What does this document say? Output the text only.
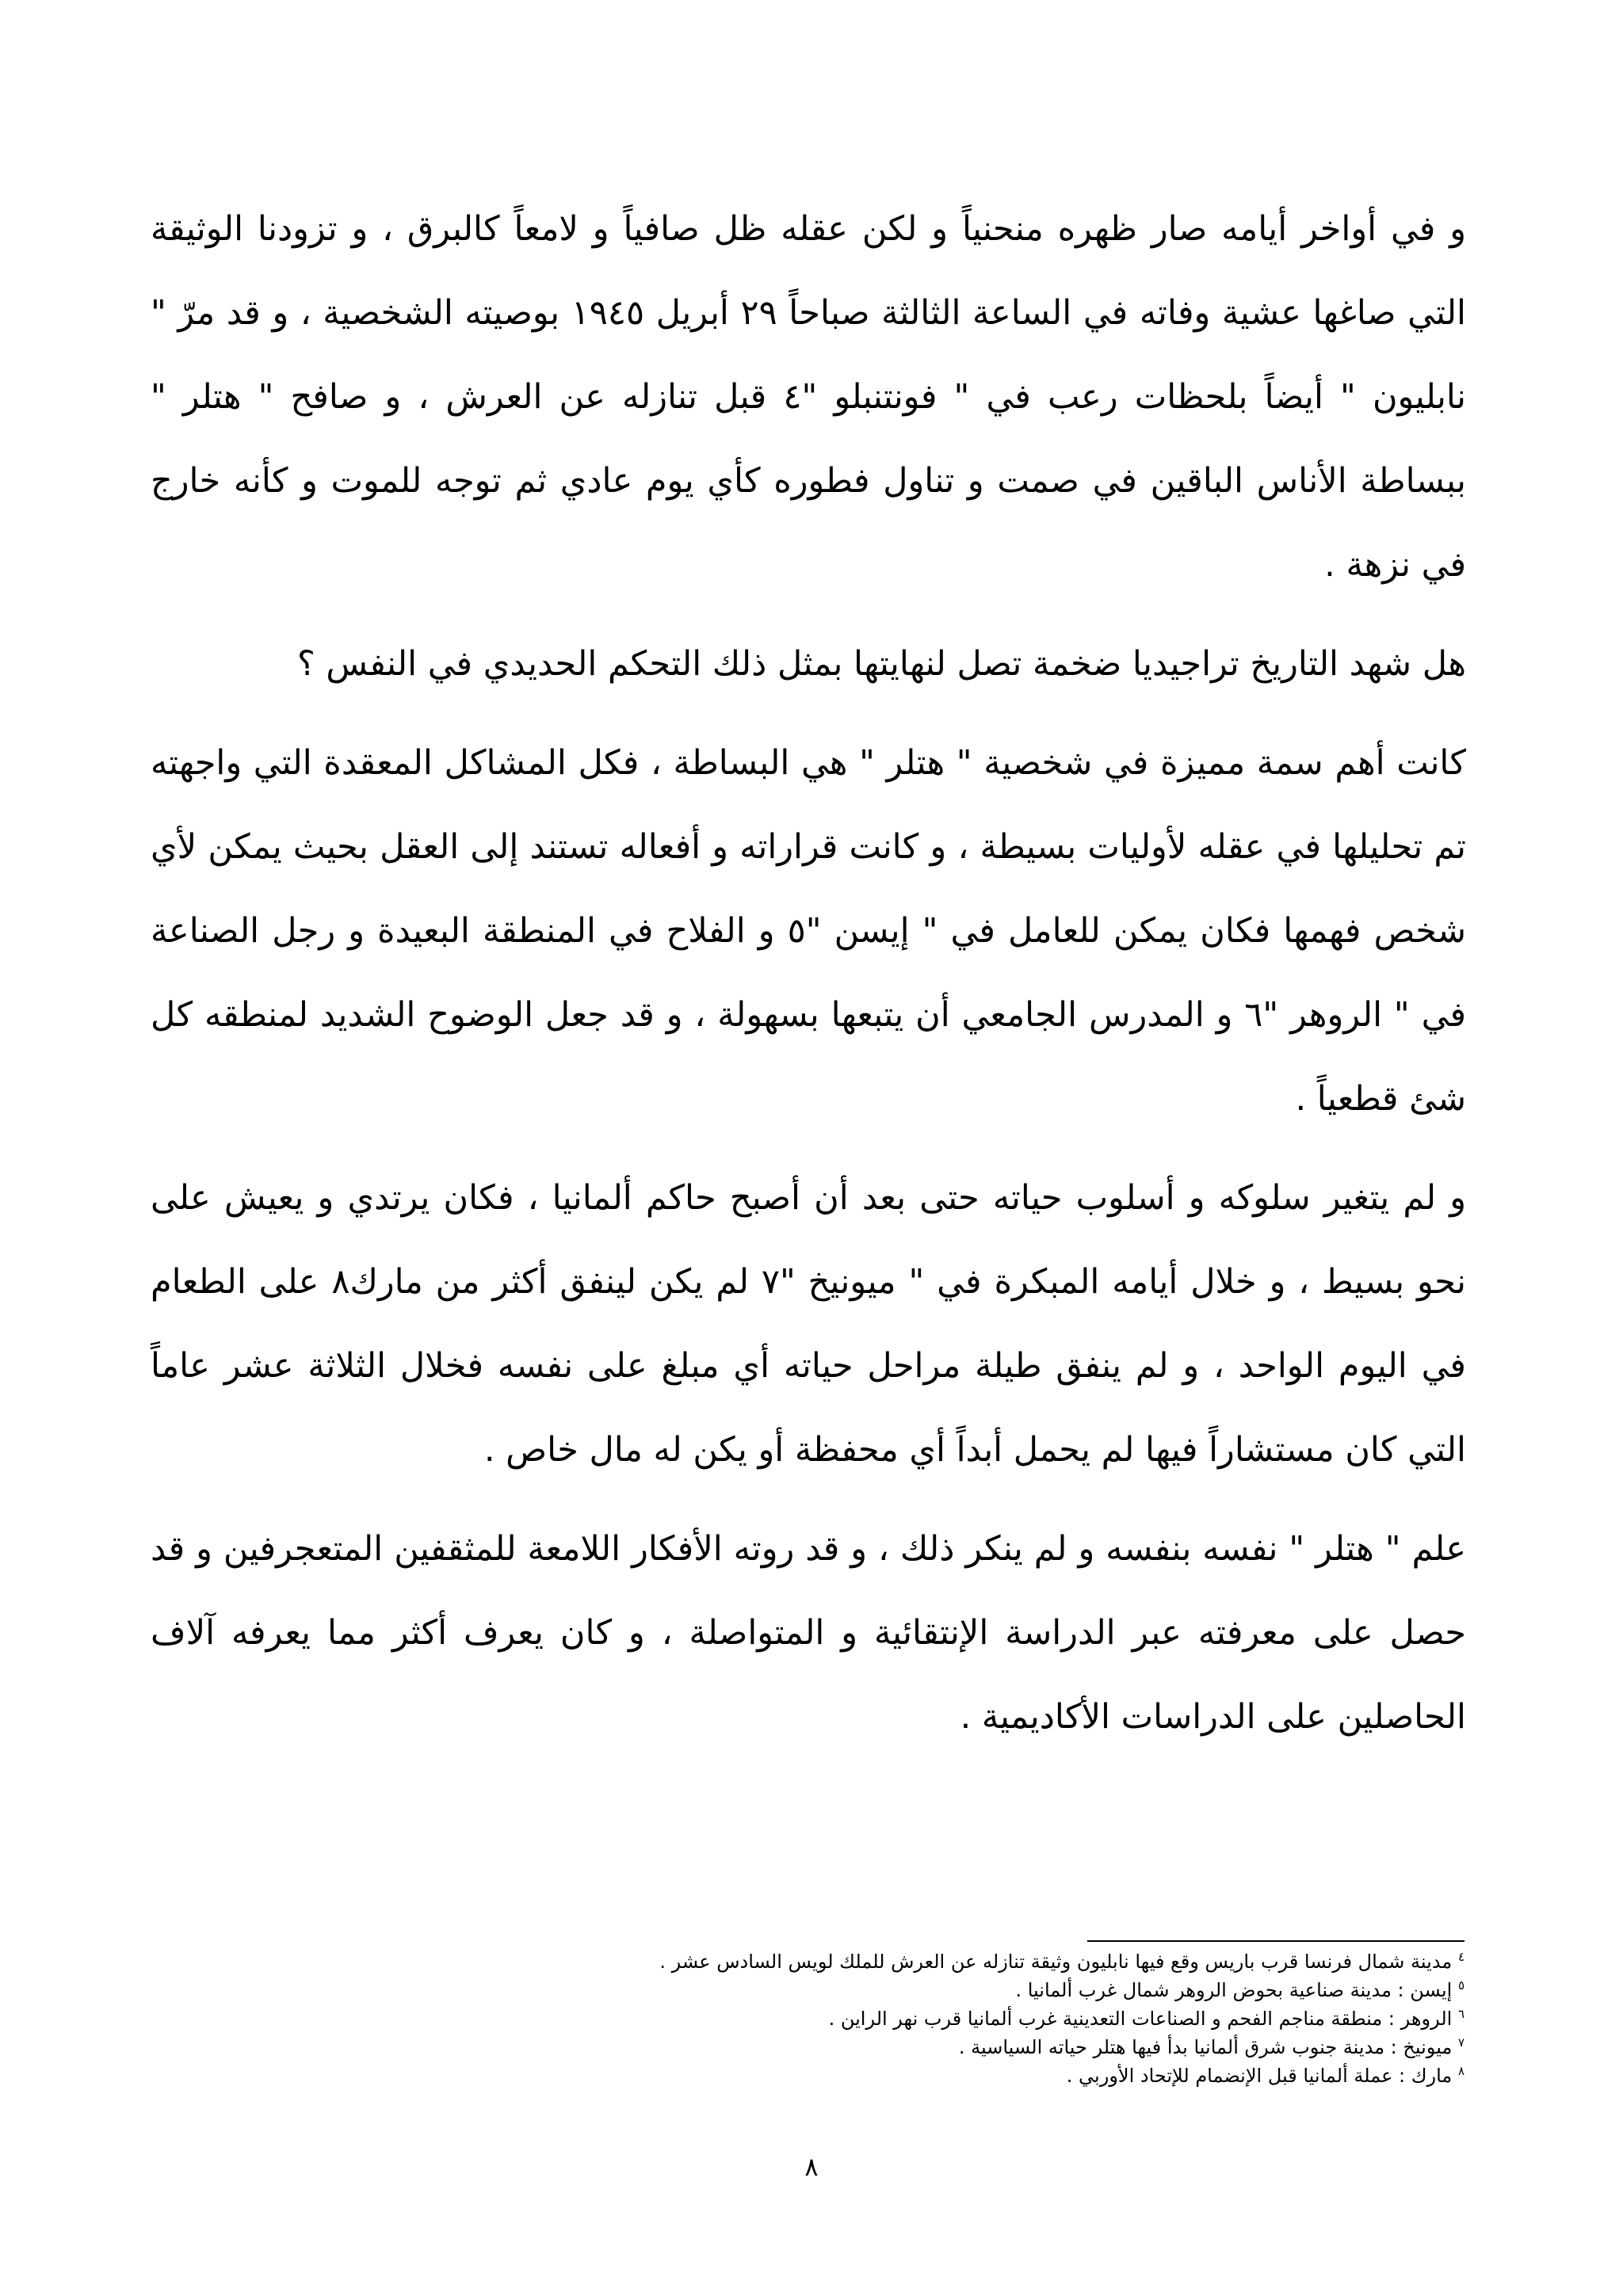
و في أواخر أيامه صار ظهره منحنياً و لكن عقله ظل صافياً و لامعاً كالبرق ، و تزودنا الوثيقة التي صاغها عشية وفاته في الساعة الثالثة صباحاً ٢٩ أبريل ١٩٤٥ بوصيته الشخصية ، و قد مرّ " نابليون " أيضاً بلحظات رعب في " فونتنبلو "٤ قبل تنازله عن العرش ، و صافح " هتلر " ببساطة الأناس الباقين في صمت و تناول فطوره كأي يوم عادي ثم توجه للموت و كأنه خارج في نزهة .

هل شهد التاريخ تراجيديا ضخمة تصل لنهايتها بمثل ذلك التحكم الحديدي في النفس ؟

كانت أهم سمة مميزة في شخصية " هتلر " هي البساطة ، فكل المشاكل المعقدة التي واجهته تم تحليلها في عقله لأوليات بسيطة ، و كانت قراراته و أفعاله تستند إلى العقل بحيث يمكن لأي شخص فهمها فكان يمكن للعامل في " إيسن "٥ و الفلاح في المنطقة البعيدة و رجل الصناعة في " الروهر "٦ و المدرس الجامعي أن يتبعها بسهولة ، و قد جعل الوضوح الشديد لمنطقه كل شئ قطعياً .

و لم يتغير سلوكه و أسلوب حياته حتى بعد أن أصبح حاكم ألمانيا ، فكان يرتدي و يعيش على نحو بسيط ، و خلال أيامه المبكرة في " ميونيخ "٧ لم يكن لينفق أكثر من مارك٨ على الطعام في اليوم الواحد ، و لم ينفق طيلة مراحل حياته أي مبلغ على نفسه فخلال الثلاثة عشر عاماً التي كان مستشاراً فيها لم يحمل أبداً أي محفظة أو يكن له مال خاص .

علم " هتلر " نفسه بنفسه و لم ينكر ذلك ، و قد روته الأفكار اللامعة للمثقفين المتعجرفين و قد حصل على معرفته عبر الدراسة الإنتقائية و المتواصلة ، و كان يعرف أكثر مما يعرفه آلاف الحاصلين على الدراسات الأكاديمية .

$^٤$ مدينة شمال فرنسا قرب باريس وقع فيها نابليون وثيقة تنازله عن العرش للملك لويس السادس عشر .

$^٥$ إيسن : مدينة صناعية بحوض الروهر شمال غرب ألمانيا .

$^٦$ الروهر : منطقة مناجم الفحم و الصناعات التعدينية غرب ألمانيا قرب نهر الراين .

$^٧$ ميونيخ : مدينة جنوب شرق ألمانيا بدأ فيها هتلر حياته السياسية .

$^٨$ مارك : عملة ألمانيا قبل الإنضمام للإتحاد الأوربي .

٨
